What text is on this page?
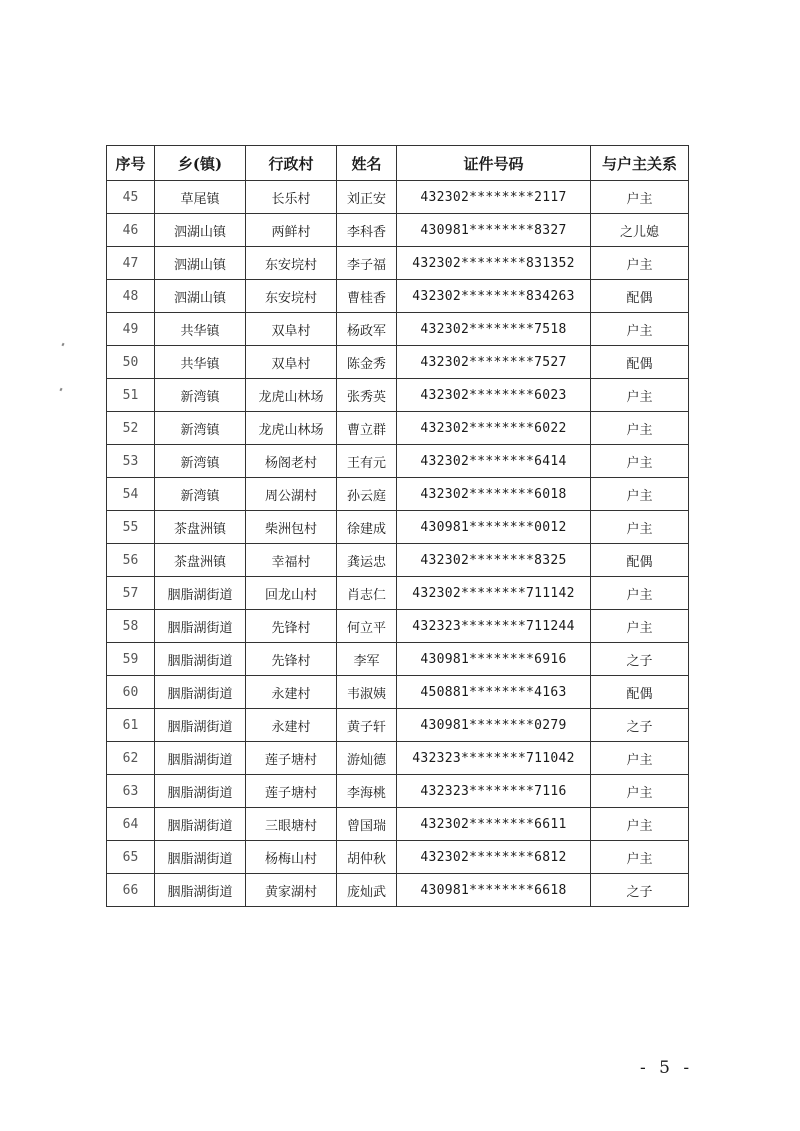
序号	乡(镇)	行政村	姓名	证件号码	与户主关系
45	草尾镇	长乐村	刘正安	432302********2117	户主
46	泗湖山镇	两鲜村	李科香	430981********8327	之儿媳
47	泗湖山镇	东安垸村	李子福	432302********831352	户主
48	泗湖山镇	东安垸村	曹桂香	432302********834263	配偶
49	共华镇	双阜村	杨政军	432302********7518	户主
50	共华镇	双阜村	陈金秀	432302********7527	配偶
51	新湾镇	龙虎山林场	张秀英	432302********6023	户主
52	新湾镇	龙虎山林场	曹立群	432302********6022	户主
53	新湾镇	杨阁老村	王有元	432302********6414	户主
54	新湾镇	周公湖村	孙云庭	432302********6018	户主
55	茶盘洲镇	柴洲包村	徐建成	430981********0012	户主
56	茶盘洲镇	幸福村	龚运忠	432302********8325	配偶
57	胭脂湖街道	回龙山村	肖志仁	432302********711142	户主
58	胭脂湖街道	先锋村	何立平	432323********711244	户主
59	胭脂湖街道	先锋村	李军	430981********6916	之子
60	胭脂湖街道	永建村	韦淑姨	450881********4163	配偶
61	胭脂湖街道	永建村	黄子轩	430981********0279	之子
62	胭脂湖街道	莲子塘村	游灿德	432323********711042	户主
63	胭脂湖街道	莲子塘村	李海桃	432323********7116	户主
64	胭脂湖街道	三眼塘村	曾国瑞	432302********6611	户主
65	胭脂湖街道	杨梅山村	胡仲秋	432302********6812	户主
66	胭脂湖街道	黄家湖村	庞灿武	430981********6618	之子
- 5 -
